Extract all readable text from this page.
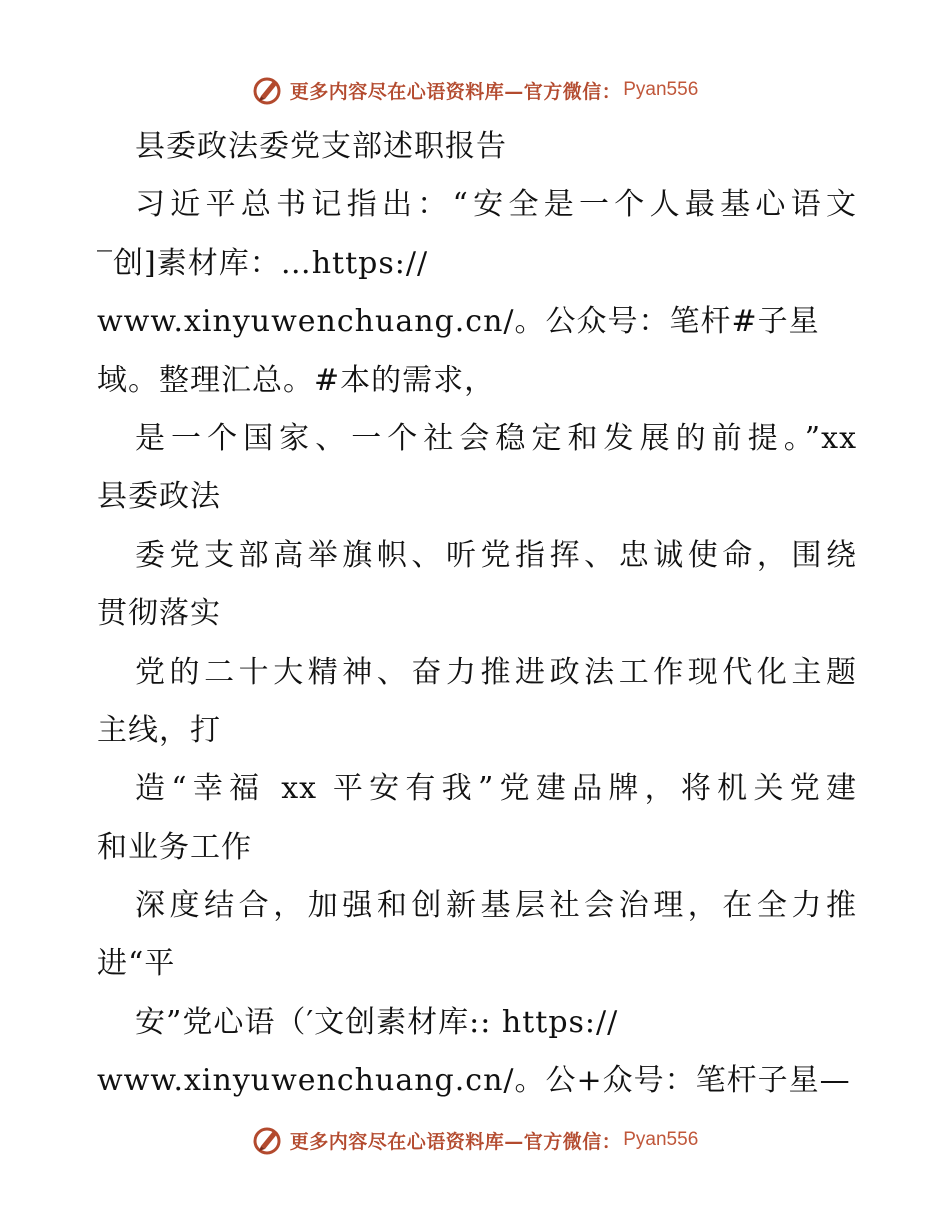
更多内容尽在心语资料库—官方微信： Pyan556
县委政法委党支部述职报告
习近平总书记指出：“安全是一个人最基心语文
‾创]素材库：…https://
www.xinyuwenchuang.cn/。公众号：笔杆#子星
域。整理汇总。#本的需求，
是一个国家、一个社会稳定和发展的前提。”xx
县委政法
委党支部高举旗帜、听党指挥、忠诚使命，围绕
贯彻落实
党的二十大精神、奋力推进政法工作现代化主题
主线，打
造“幸福 xx 平安有我”党建品牌，将机关党建
和业务工作
深度结合，加强和创新基层社会治理，在全力推
进“平
安”党心语（′文创素材库:: https://
www.xinyuwenchuang.cn/。公+众号：笔杆子星—
更多内容尽在心语资料库—官方微信： Pyan556
